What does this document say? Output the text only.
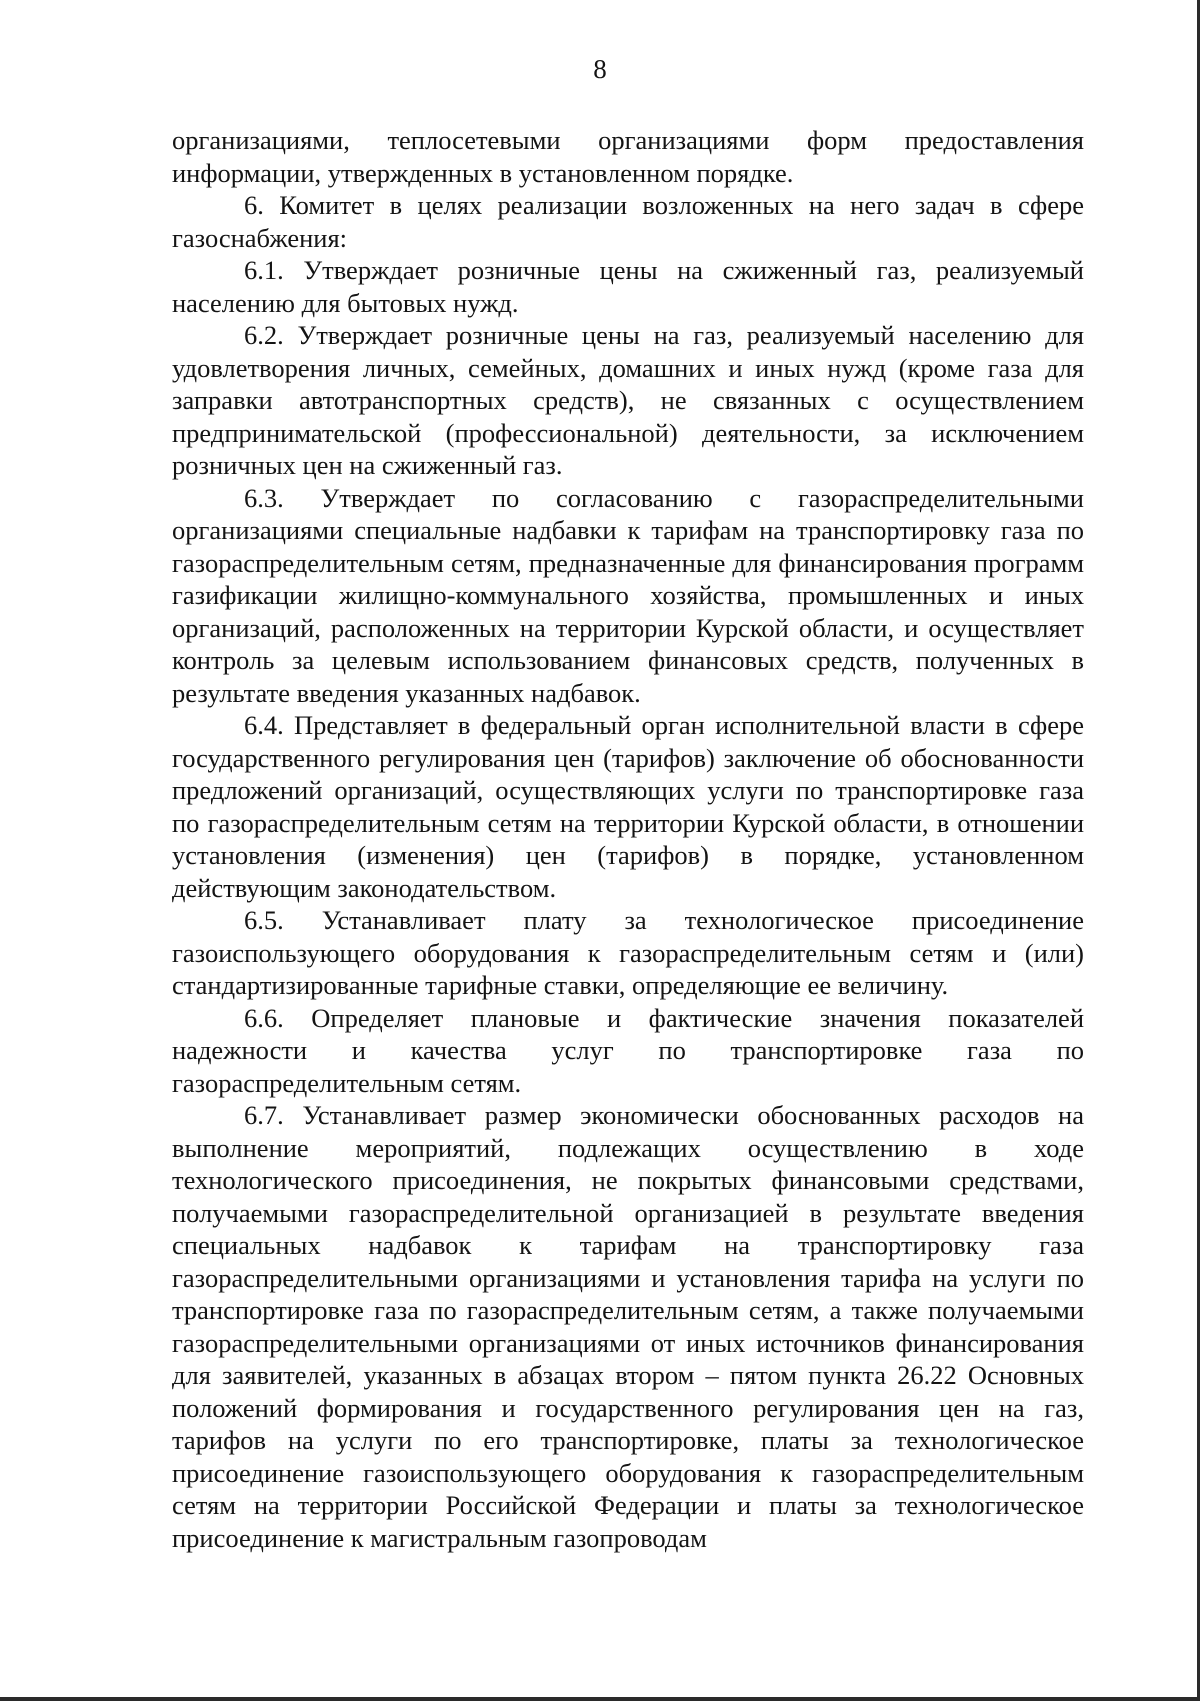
8

организациями, теплосетевыми организациями форм предоставления информации, утвержденных в установленном порядке.

6. Комитет в целях реализации возложенных на него задач в сфере газоснабжения:

6.1. Утверждает розничные цены на сжиженный газ, реализуемый населению для бытовых нужд.

6.2. Утверждает розничные цены на газ, реализуемый населению для удовлетворения личных, семейных, домашних и иных нужд (кроме газа для заправки автотранспортных средств), не связанных с осуществлением предпринимательской (профессиональной) деятельности, за исключением розничных цен на сжиженный газ.

6.3. Утверждает по согласованию с газораспределительными организациями специальные надбавки к тарифам на транспортировку газа по газораспределительным сетям, предназначенные для финансирования программ газификации жилищно-коммунального хозяйства, промышленных и иных организаций, расположенных на территории Курской области, и осуществляет контроль за целевым использованием финансовых средств, полученных в результате введения указанных надбавок.

6.4. Представляет в федеральный орган исполнительной власти в сфере государственного регулирования цен (тарифов) заключение об обоснованности предложений организаций, осуществляющих услуги по транспортировке газа по газораспределительным сетям на территории Курской области, в отношении установления (изменения) цен (тарифов) в порядке, установленном действующим законодательством.

6.5. Устанавливает плату за технологическое присоединение газоиспользующего оборудования к газораспределительным сетям и (или) стандартизированные тарифные ставки, определяющие ее величину.

6.6. Определяет плановые и фактические значения показателей надежности и качества услуг по транспортировке газа по газораспределительным сетям.

6.7. Устанавливает размер экономически обоснованных расходов на выполнение мероприятий, подлежащих осуществлению в ходе технологического присоединения, не покрытых финансовыми средствами, получаемыми газораспределительной организацией в результате введения специальных надбавок к тарифам на транспортировку газа газораспределительными организациями и установления тарифа на услуги по транспортировке газа по газораспределительным сетям, а также получаемыми газораспределительными организациями от иных источников финансирования для заявителей, указанных в абзацах втором – пятом пункта 26.22 Основных положений формирования и государственного регулирования цен на газ, тарифов на услуги по его транспортировке, платы за технологическое присоединение газоиспользующего оборудования к газораспределительным сетям на территории Российской Федерации и платы за технологическое присоединение к магистральным газопроводам
